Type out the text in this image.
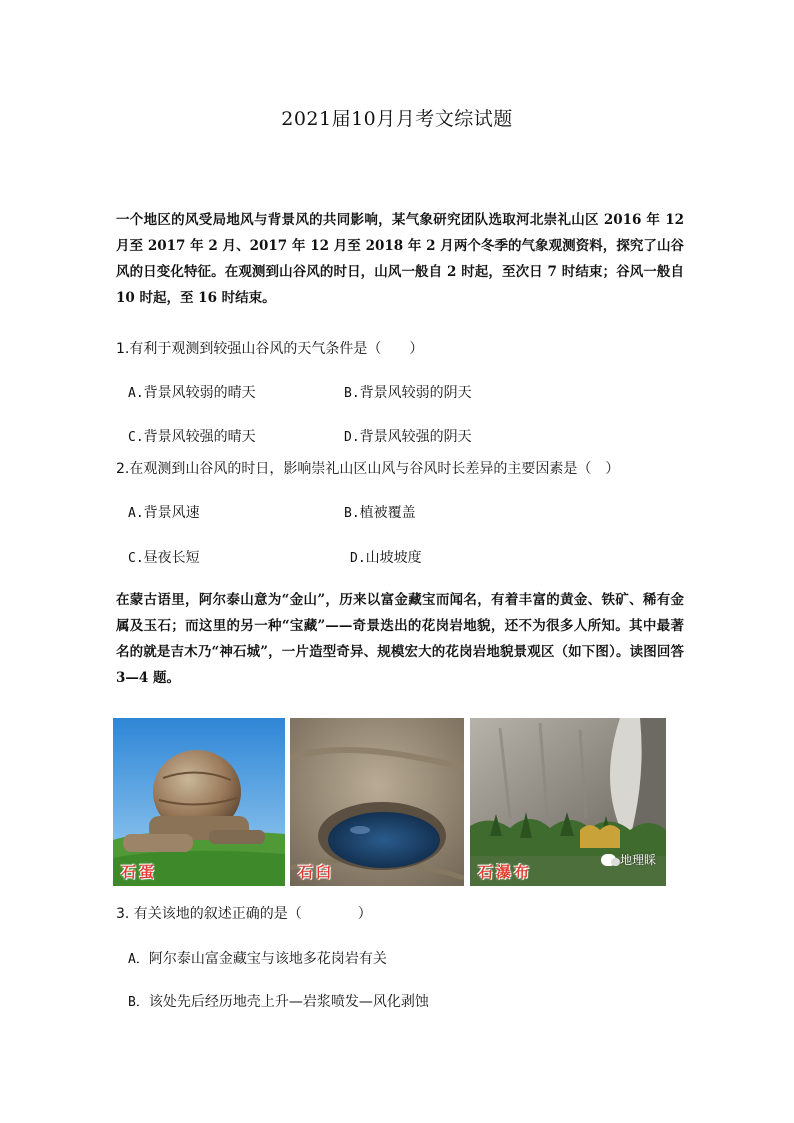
2021届10月月考文综试题
一个地区的风受局地风与背景风的共同影响，某气象研究团队选取河北崇礼山区 2016 年 12 月至 2017 年 2 月、2017 年 12 月至 2018 年 2 月两个冬季的气象观测资料，探究了山谷风的日变化特征。在观测到山谷风的时日，山风一般自 2 时起，至次日 7 时结束；谷风一般自 10 时起，至 16 时结束。
1.有利于观测到较强山谷风的天气条件是（　　）
A.背景风较弱的晴天	B.背景风较弱的阴天
C.背景风较强的晴天	D.背景风较强的阴天
2.在观测到山谷风的时日，影响崇礼山区山风与谷风时长差异的主要因素是（　）
A.背景风速	B.植被覆盖
C.昼夜长短	D.山坡坡度
在蒙古语里，阿尔泰山意为“金山”，历来以富金藏宝而闻名，有着丰富的黄金、铁矿、稀有金属及玉石；而这里的另一种“宝藏”——奇景迭出的花岗岩地貌，还不为很多人所知。其中最著名的就是吉木乃“神石城”，一片造型奇异、规模宏大的花岗岩地貌景观区（如下图）。读图回答 3—4 题。
石蛋	石臼	石瀑布
地理睬
3. 有关该地的叙述正确的是（　　　　）
A．阿尔泰山富金藏宝与该地多花岗岩有关
B．该处先后经历地壳上升—岩浆喷发—风化剥蚀
